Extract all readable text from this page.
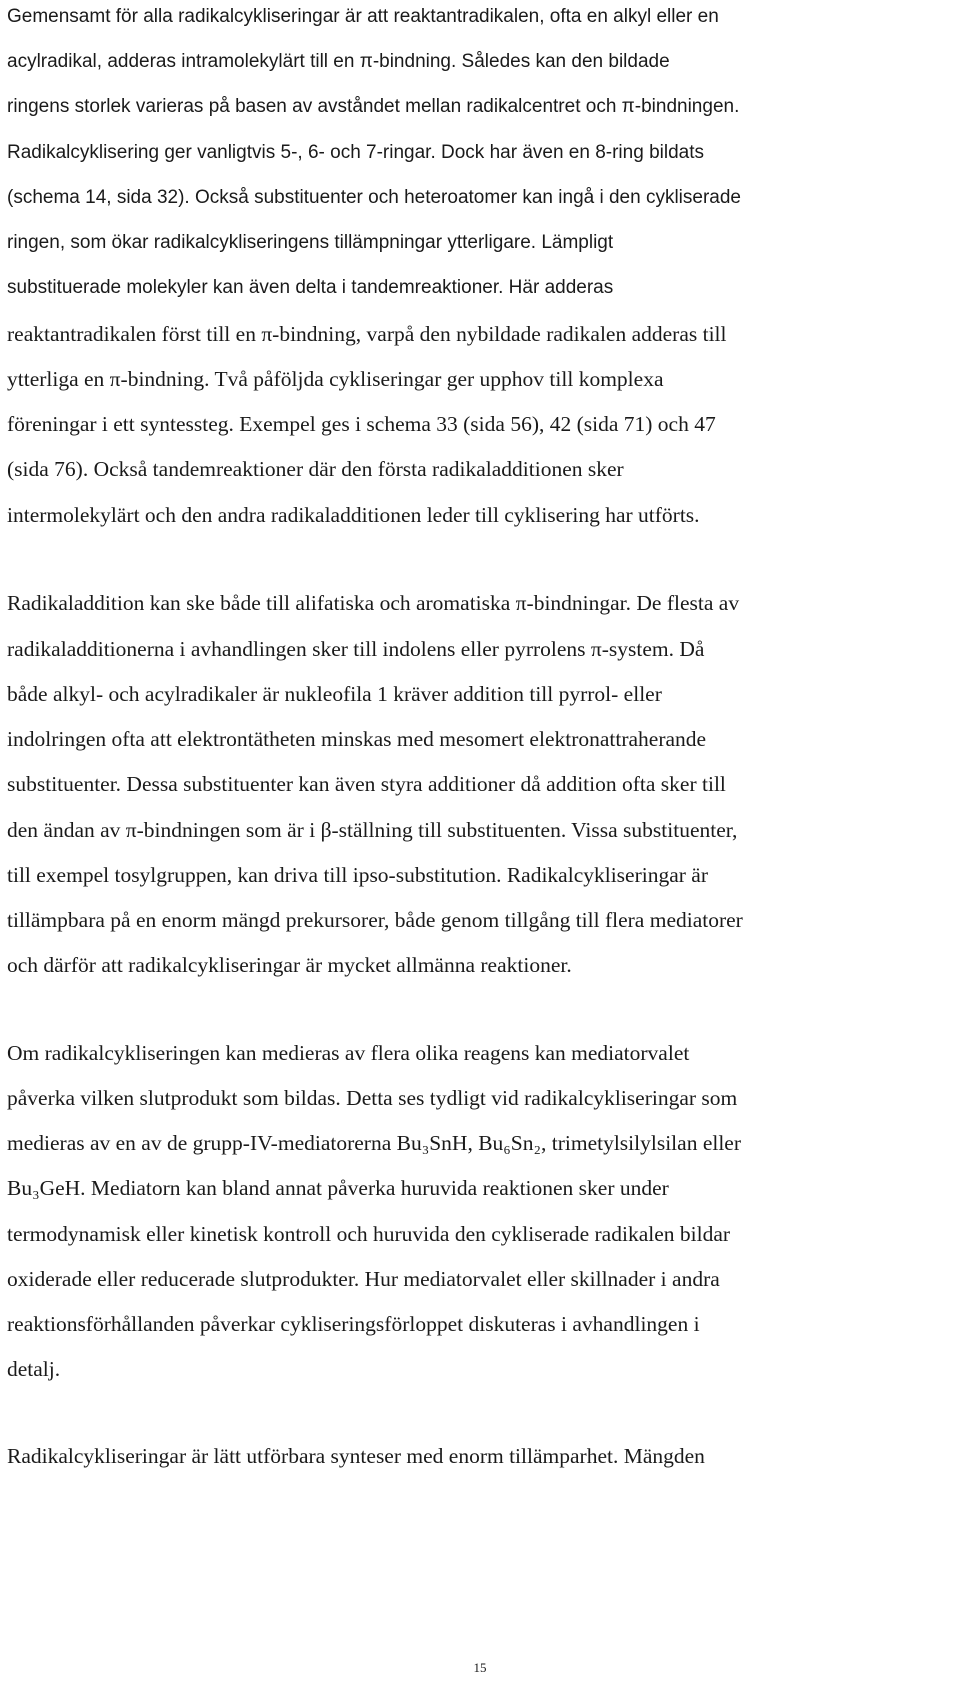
Gemensamt för alla radikalcykliseringar är att reaktantradikalen, ofta en alkyl eller en
acylradikal, adderas intramolekylärt till en π-bindning. Således kan den bildade
ringens storlek varieras på basen av avståndet mellan radikalcentret och π-bindningen.
Radikalcyklisering ger vanligtvis 5-, 6- och 7-ringar. Dock har även en 8-ring bildats
(schema 14, sida 32). Också substituenter och heteroatomer kan ingå i den cykliserade
ringen, som ökar radikalcykliseringens tillämpningar ytterligare. Lämpligt
substituerade molekyler kan även delta i tandemreaktioner. Här adderas
reaktantradikalen först till en π-bindning, varpå den nybildade radikalen adderas till
ytterliga en π-bindning. Två påföljda cykliseringar ger upphov till komplexa
föreningar i ett syntessteg. Exempel ges i schema 33 (sida 56), 42 (sida 71) och 47
(sida 76). Också tandemreaktioner där den första radikaladditionen sker
intermolekylärt och den andra radikaladditionen leder till cyklisering har utförts.
Radikaladdition kan ske både till alifatiska och aromatiska π-bindningar. De flesta av
radikaladditionerna i avhandlingen sker till indolens eller pyrrolens π-system. Då
både alkyl- och acylradikaler är nukleofila 1 kräver addition till pyrrol- eller
indolringen ofta att elektrontätheten minskas med mesomert elektronattraherande
substituenter. Dessa substituenter kan även styra additioner då addition ofta sker till
den ändan av π-bindningen som är i β-ställning till substituenten. Vissa substituenter,
till exempel tosylgruppen, kan driva till ipso-substitution. Radikalcykliseringar är
tillämpbara på en enorm mängd prekursorer, både genom tillgång till flera mediatorer
och därför att radikalcykliseringar är mycket allmänna reaktioner.
Om radikalcykliseringen kan medieras av flera olika reagens kan mediatorvalet
påverka vilken slutprodukt som bildas. Detta ses tydligt vid radikalcykliseringar som
medieras av en av de grupp-IV-mediatorerna Bu₃SnH, Bu₆Sn₂, trimetylsilylsilan eller
Bu₃GeH. Mediatorn kan bland annat påverka huruvida reaktionen sker under
termodynamisk eller kinetisk kontroll och huruvida den cykliserade radikalen bildar
oxiderade eller reducerade slutprodukter. Hur mediatorvalet eller skillnader i andra
reaktionsförhållanden påverkar cykliseringsförloppet diskuteras i avhandlingen i
detalj.
Radikalcykliseringar är lätt utförbara synteser med enorm tillämparhet. Mängden
15
